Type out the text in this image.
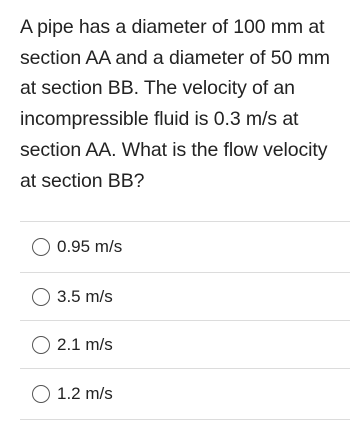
A pipe has a diameter of 100 mm at
section AA and a diameter of 50 mm
at section BB. The velocity of an
incompressible fluid is 0.3 m/s at
section AA. What is the flow velocity
at section BB?
0.95 m/s
3.5 m/s
2.1 m/s
1.2 m/s
